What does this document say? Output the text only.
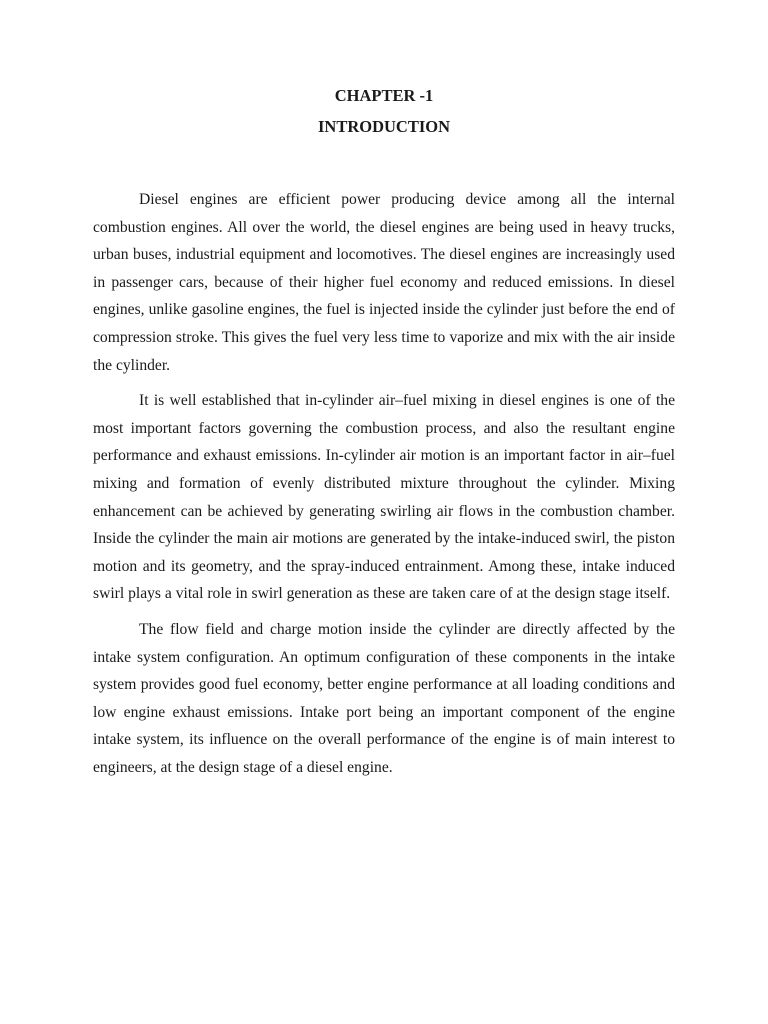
CHAPTER -1
INTRODUCTION

Diesel engines are efficient power producing device among all the internal combustion engines. All over the world, the diesel engines are being used in heavy trucks, urban buses, industrial equipment and locomotives. The diesel engines are increasingly used in passenger cars, because of their higher fuel economy and reduced emissions. In diesel engines, unlike gasoline engines, the fuel is injected inside the cylinder just before the end of compression stroke. This gives the fuel very less time to vaporize and mix with the air inside the cylinder.

It is well established that in-cylinder air–fuel mixing in diesel engines is one of the most important factors governing the combustion process, and also the resultant engine performance and exhaust emissions. In-cylinder air motion is an important factor in air–fuel mixing and formation of evenly distributed mixture throughout the cylinder. Mixing enhancement can be achieved by generating swirling air flows in the combustion chamber. Inside the cylinder the main air motions are generated by the intake-induced swirl, the piston motion and its geometry, and the spray-induced entrainment. Among these, intake induced swirl plays a vital role in swirl generation as these are taken care of at the design stage itself.

The flow field and charge motion inside the cylinder are directly affected by the intake system configuration. An optimum configuration of these components in the intake system provides good fuel economy, better engine performance at all loading conditions and low engine exhaust emissions. Intake port being an important component of the engine intake system, its influence on the overall performance of the engine is of main interest to engineers, at the design stage of a diesel engine.
